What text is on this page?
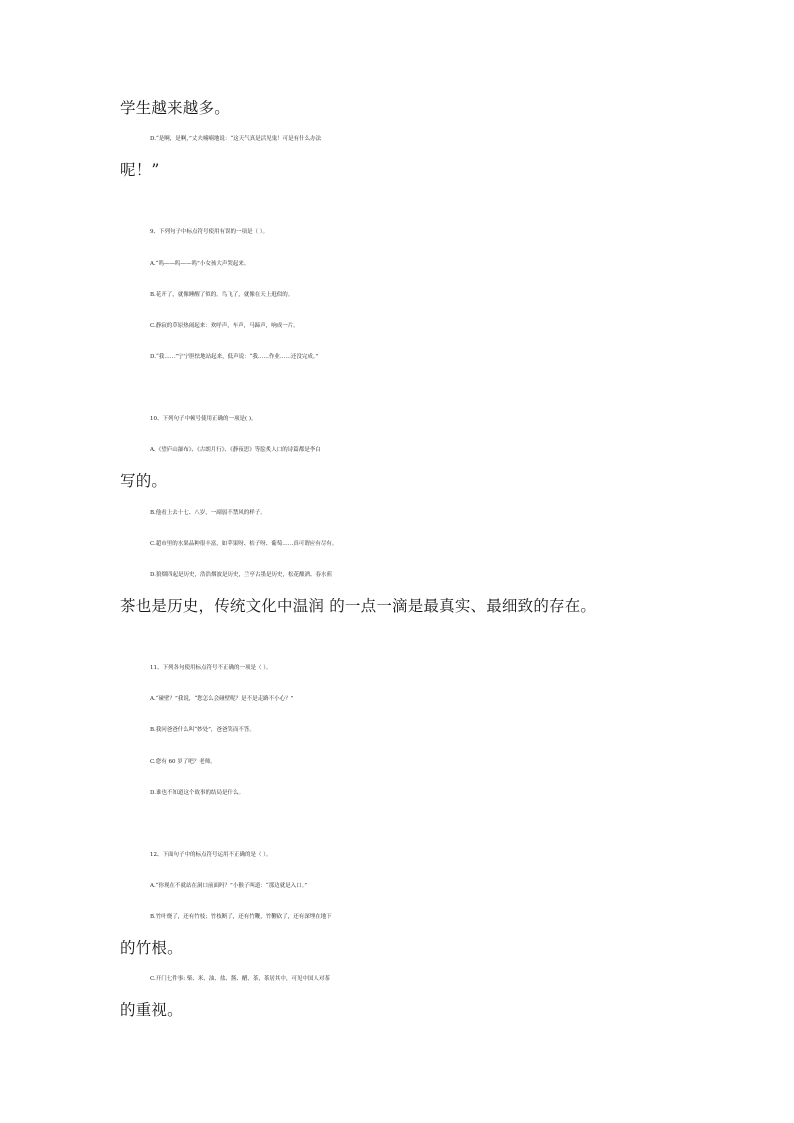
学生越来越多。
D.“是啊，是啊，”丈夫喃喃地说：“这天气真是活见鬼！可是有什么办法
呢！”
9、下列句子中标点符号使用有误的一项是（ ）。
A.“呜——呜——呜”小女孩大声哭起来。
B.花开了，就像睡醒了似的。鸟飞了，就像在天上逛似的。
C.静寂的草原热闹起来：欢呼声，车声，马蹄声，响成一片。
D.“我……”宁宁胆怯地站起来，低声说：“我……作业……还没完成。”
10、下列句子中顿号使用正确的一项是( )。
A.《望庐山瀑布》、《古朗月行》、《静夜思》等脍炙人口的诗篇都是李白
写的。
B.他看上去十七、八岁，一副弱不禁风的样子。
C.超市里的水果品种很丰富，如苹果呀、桔子呀、葡萄……真可谓应有尽有。
D.狼烟四起是历史，浩浩烟波是历史，兰亭古墨是历史，松花酿酒、春水煎
茶也是历史，传统文化中温润 的一点一滴是最真实、最细致的存在。
11、下列各句使用标点符号不正确的一项是（ ）。
A.“碰壁？”我说，“您怎么会碰壁呢？是不是走路不小心？”
B.我问爸爸什么叫“妙处”，爸爸笑而不答。
C.您有 60 岁了吧？老师。
D.谁也不知道这个故事的结局是什么。
12、下面句子中的标点符号运用不正确的是（ ）。
A.“你现在不就站在洞口前面吗？”小猴子叫道：“那边就是入口。”
B.竹叶烧了，还有竹枝；竹枝断了，还有竹鞭，竹鞭砍了，还有深埋在地下
的竹根。
C.开门七件事: 柴、米、油、盐、酱、醋、茶，茶居其中，可见中国人对茶
的重视。
